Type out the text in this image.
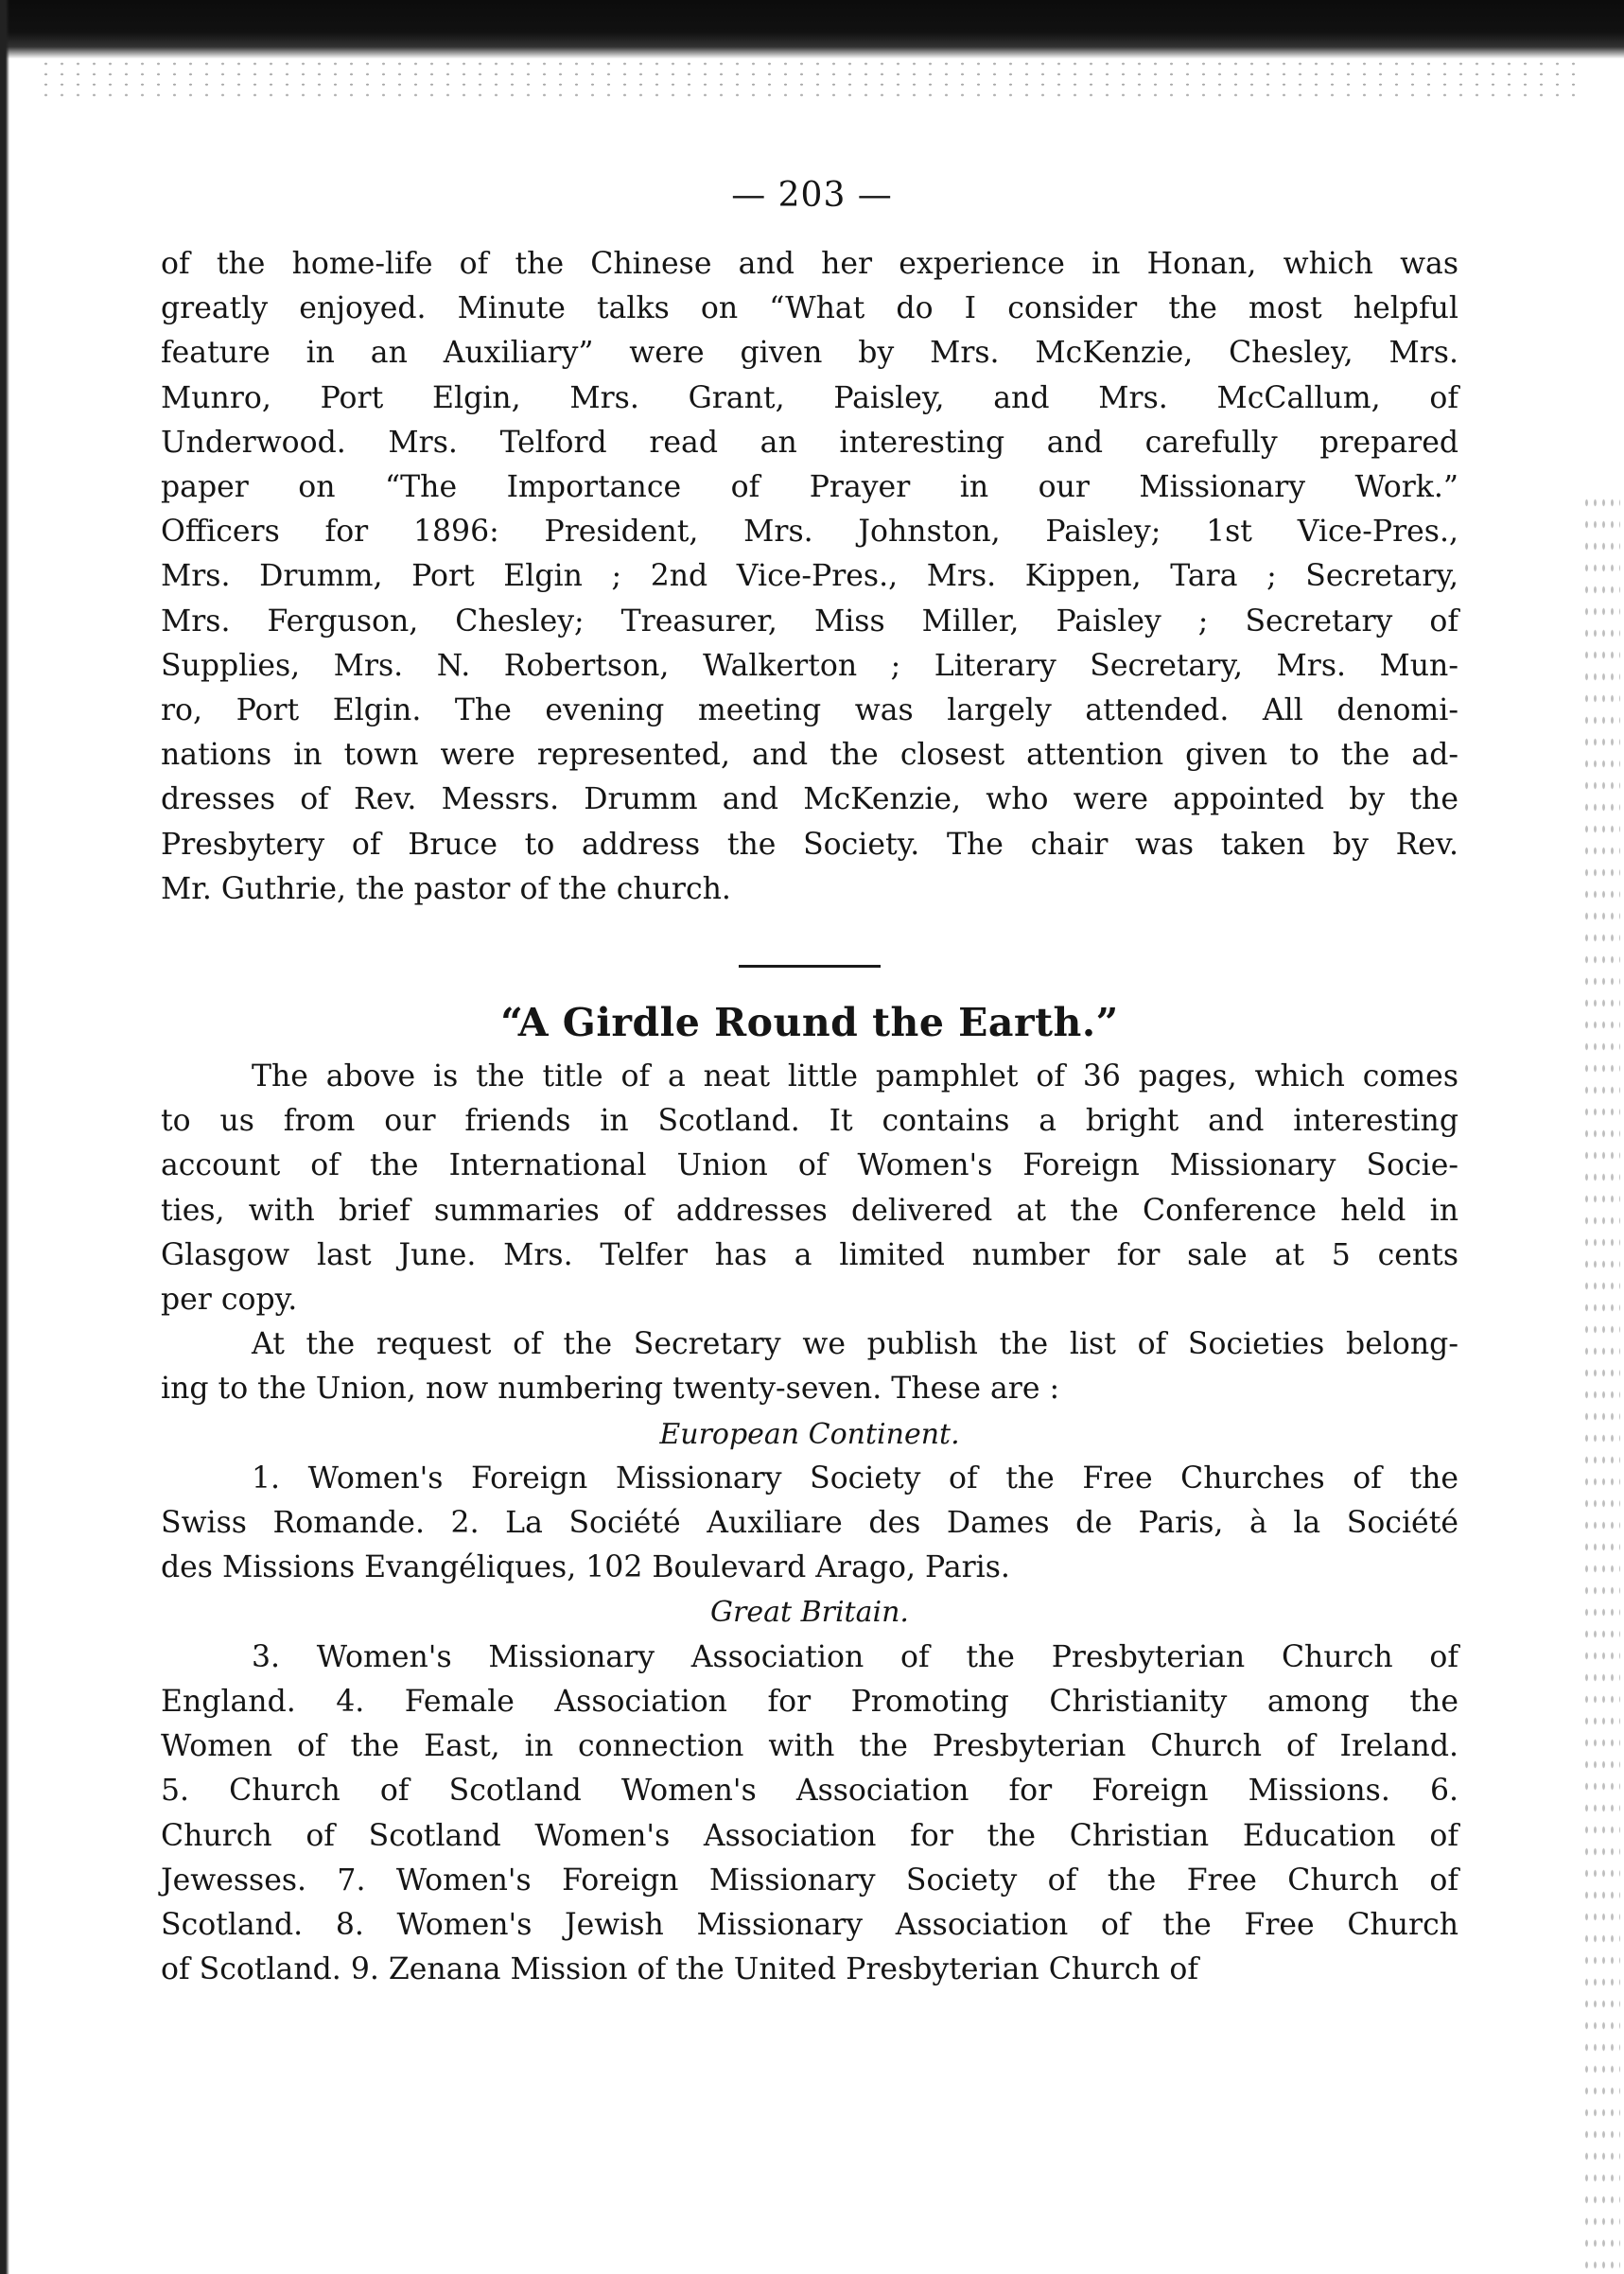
— 203 —

of the home-life of the Chinese and her experience in Honan, which was
greatly enjoyed. Minute talks on “What do I consider the most helpful
feature in an Auxiliary” were given by Mrs. McKenzie, Chesley, Mrs.
Munro, Port Elgin, Mrs. Grant, Paisley, and Mrs. McCallum, of
Underwood. Mrs. Telford read an interesting and carefully prepared
paper on “The Importance of Prayer in our Missionary Work.”
Officers for 1896: President, Mrs. Johnston, Paisley; 1st Vice-Pres.,
Mrs. Drumm, Port Elgin ; 2nd Vice-Pres., Mrs. Kippen, Tara ; Secretary,
Mrs. Ferguson, Chesley; Treasurer, Miss Miller, Paisley ; Secretary of
Supplies, Mrs. N. Robertson, Walkerton ; Literary Secretary, Mrs. Mun-
ro, Port Elgin. The evening meeting was largely attended. All denomi-
nations in town were represented, and the closest attention given to the ad-
dresses of Rev. Messrs. Drumm and McKenzie, who were appointed by the
Presbytery of Bruce to address the Society. The chair was taken by Rev.
Mr. Guthrie, the pastor of the church.

“A Girdle Round the Earth.”

The above is the title of a neat little pamphlet of 36 pages, which comes
to us from our friends in Scotland. It contains a bright and interesting
account of the International Union of Women's Foreign Missionary Socie-
ties, with brief summaries of addresses delivered at the Conference held in
Glasgow last June. Mrs. Telfer has a limited number for sale at 5 cents
per copy.

At the request of the Secretary we publish the list of Societies belong-
ing to the Union, now numbering twenty-seven. These are :

European Continent.

1. Women's Foreign Missionary Society of the Free Churches of the
Swiss Romande. 2. La Société Auxiliare des Dames de Paris, à la Société
des Missions Evangéliques, 102 Boulevard Arago, Paris.

Great Britain.

3. Women's Missionary Association of the Presbyterian Church of
England. 4. Female Association for Promoting Christianity among the
Women of the East, in connection with the Presbyterian Church of Ireland.
5. Church of Scotland Women's Association for Foreign Missions. 6.
Church of Scotland Women's Association for the Christian Education of
Jewesses. 7. Women's Foreign Missionary Society of the Free Church of
Scotland. 8. Women's Jewish Missionary Association of the Free Church
of Scotland. 9. Zenana Mission of the United Presbyterian Church of
